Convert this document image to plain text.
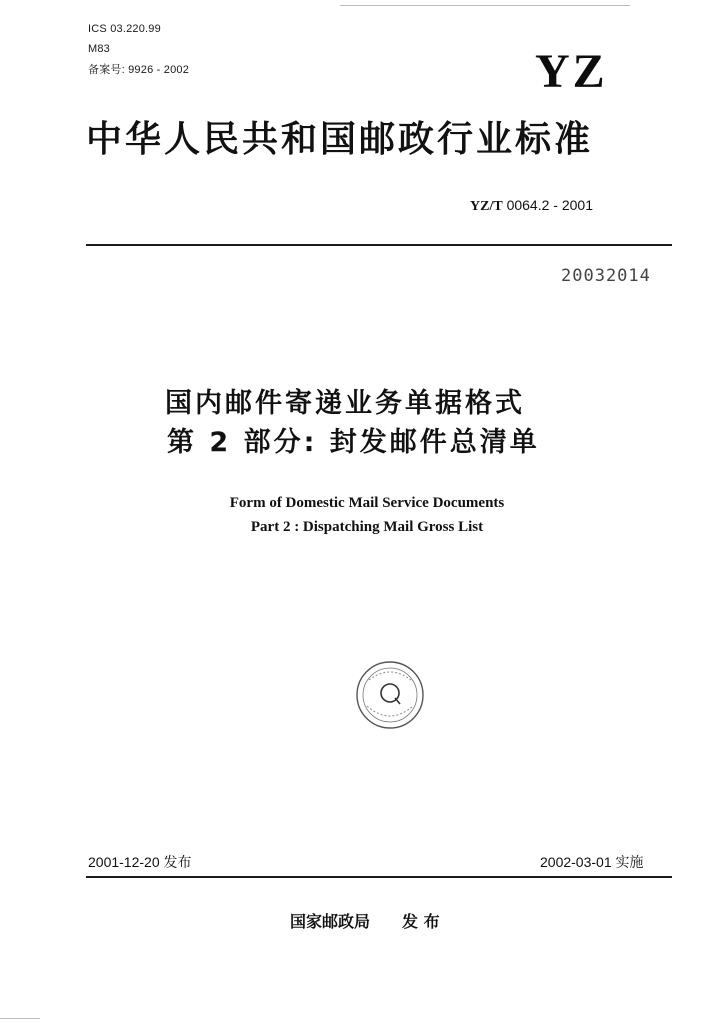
ICS 03.220.99
M83
备案号: 9926 - 2002	YZ
中华人民共和国邮政行业标准
YZ/T 0064.2 - 2001
20032014
国内邮件寄递业务单据格式
第 2 部分: 封发邮件总清单
Form of Domestic Mail Service Documents
Part 2 : Dispatching Mail Gross List
2001-12-20 发布	2002-03-01 实施
国家邮政局 发 布
